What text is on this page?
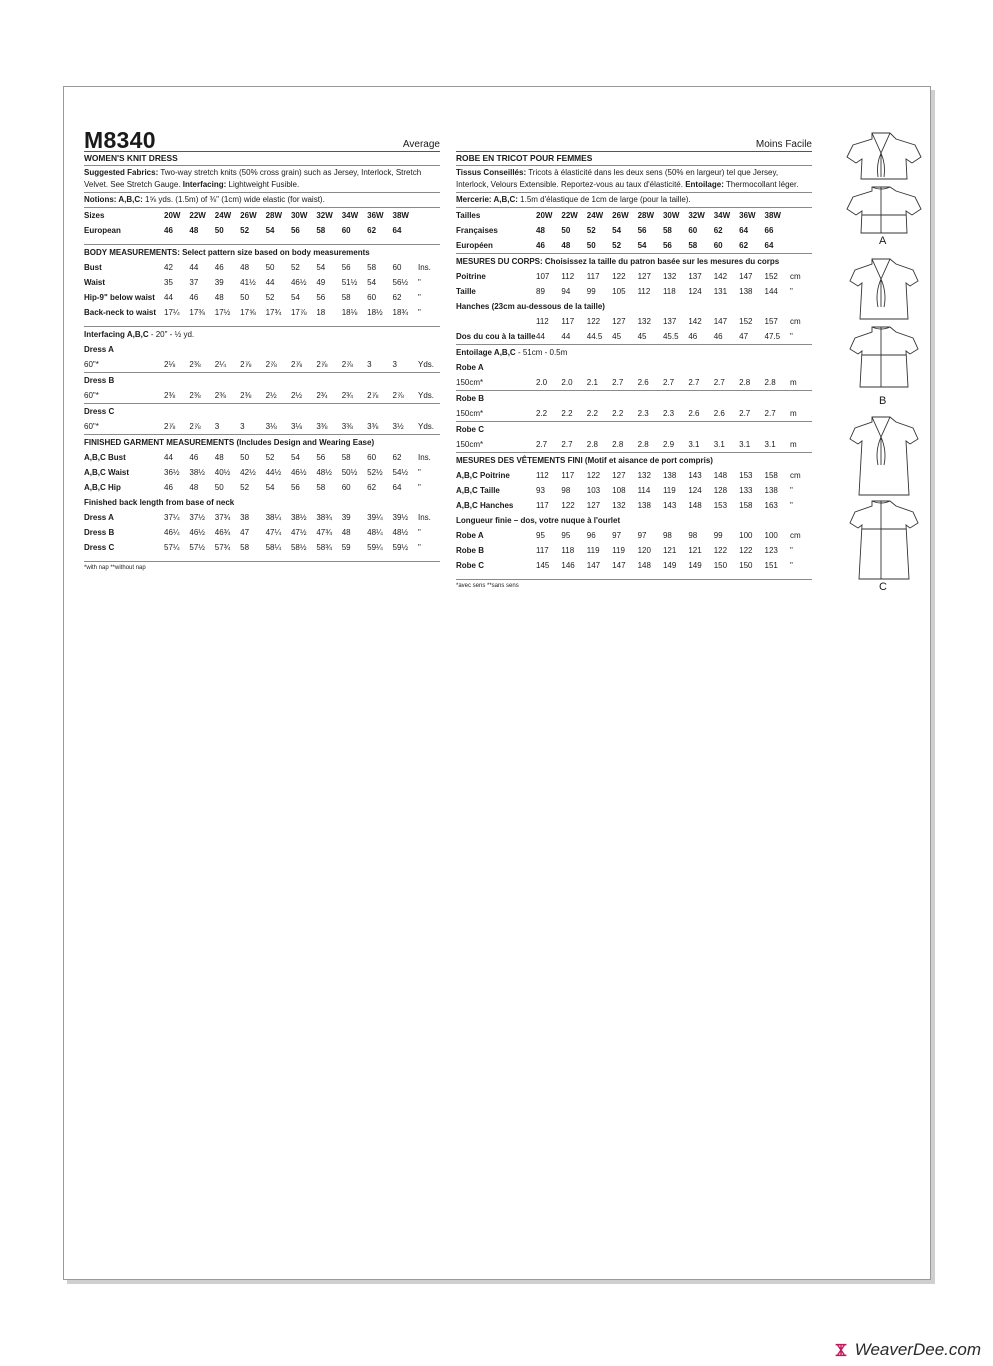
M8340	Average
WOMEN'S KNIT DRESS
Suggested Fabrics: Two-way stretch knits (50% cross grain) such as Jersey, Interlock, Stretch Velvet. See Stretch Gauge. Interfacing: Lightweight Fusible.
Notions: A,B,C: 1⅝ yds. (1.5m) of ⅜" (1cm) wide elastic (for waist).
Sizes	20W	22W	24W	26W	28W	30W	32W	34W	36W	38W	
European	46	48	50	52	54	56	58	60	62	64	
BODY MEASUREMENTS: Select pattern size based on body measurements
Bust	42	44	46	48	50	52	54	56	58	60	Ins.
Waist	35	37	39	41½	44	46½	49	51½	54	56½	"
Hip-9" below waist	44	46	48	50	52	54	56	58	60	62	"
Back-neck to waist	17¼	17⅜	17½	17⅝	17¾	17⅞	18	18⅛	18½	18¾	"
Interfacing A,B,C - 20" - ½ yd.
Dress A
60"*	2⅛	2⅜	2¼	2⅞	2⅞	2⅞	2⅞	2⅞	3	3	Yds.
Dress B
60"*	2⅜	2⅜	2⅜	2⅜	2½	2½	2¾	2¾	2⅞	2⅞	Yds.
Dress C
60"*	2⅞	2⅞	3	3	3⅛	3⅛	3⅜	3⅜	3⅜	3½	Yds.
FINISHED GARMENT MEASUREMENTS (Includes Design and Wearing Ease)
A,B,C Bust	44	46	48	50	52	54	56	58	60	62	Ins.
A,B,C Waist	36½	38½	40½	42½	44½	46½	48½	50½	52½	54½	"
A,B,C Hip	46	48	50	52	54	56	58	60	62	64	"
Finished back length from base of neck
Dress A	37¼	37½	37¾	38	38¼	38½	38¾	39	39¼	39½	Ins.
Dress B	46¼	46½	46¾	47	47¼	47½	47¾	48	48¼	48½	"
Dress C	57¼	57½	57¾	58	58¼	58½	58¾	59	59¼	59½	"
*with nap **without nap
Moins Facile
ROBE EN TRICOT POUR FEMMES
Tissus Conseillés: Tricots à élasticité dans les deux sens (50% en largeur) tel que Jersey, Interlock, Velours Extensible. Reportez-vous au taux d'élasticité. Entoilage: Thermocollant léger.
Mercerie: A,B,C: 1.5m d'élastique de 1cm de large (pour la taille).
Tailles	20W	22W	24W	26W	28W	30W	32W	34W	36W	38W	
Françaises	48	50	52	54	56	58	60	62	64	66	
Européen	46	48	50	52	54	56	58	60	62	64	
MESURES DU CORPS: Choisissez la taille du patron basée sur les mesures du corps
Poitrine	107	112	117	122	127	132	137	142	147	152	cm
Taille	89	94	99	105	112	118	124	131	138	144	"
Hanches (23cm au-dessous de la taille)
	112	117	122	127	132	137	142	147	152	157	cm
Dos du cou à la taille	44	44	44.5	45	45	45.5	46	46	47	47.5	"
Entoilage A,B,C - 51cm - 0.5m
Robe A
150cm*	2.0	2.0	2.1	2.7	2.6	2.7	2.7	2.7	2.8	2.8	m
Robe B
150cm*	2.2	2.2	2.2	2.2	2.3	2.3	2.6	2.6	2.7	2.7	m
Robe C
150cm*	2.7	2.7	2.8	2.8	2.8	2.9	3.1	3.1	3.1	3.1	m
MESURES DES VÊTEMENTS FINI (Motif et aisance de port compris)
A,B,C Poitrine	112	117	122	127	132	138	143	148	153	158	cm
A,B,C Taille	93	98	103	108	114	119	124	128	133	138	"
A,B,C Hanches	117	122	127	132	138	143	148	153	158	163	"
Longueur finie – dos, votre nuque à l'ourlet
Robe A	95	95	96	97	97	98	98	99	100	100	cm
Robe B	117	118	119	119	120	121	121	122	122	123	"
Robe C	145	146	147	147	148	149	149	150	150	151	"
*avec sens **sans sens
A
B
C
WeaverDee.com
